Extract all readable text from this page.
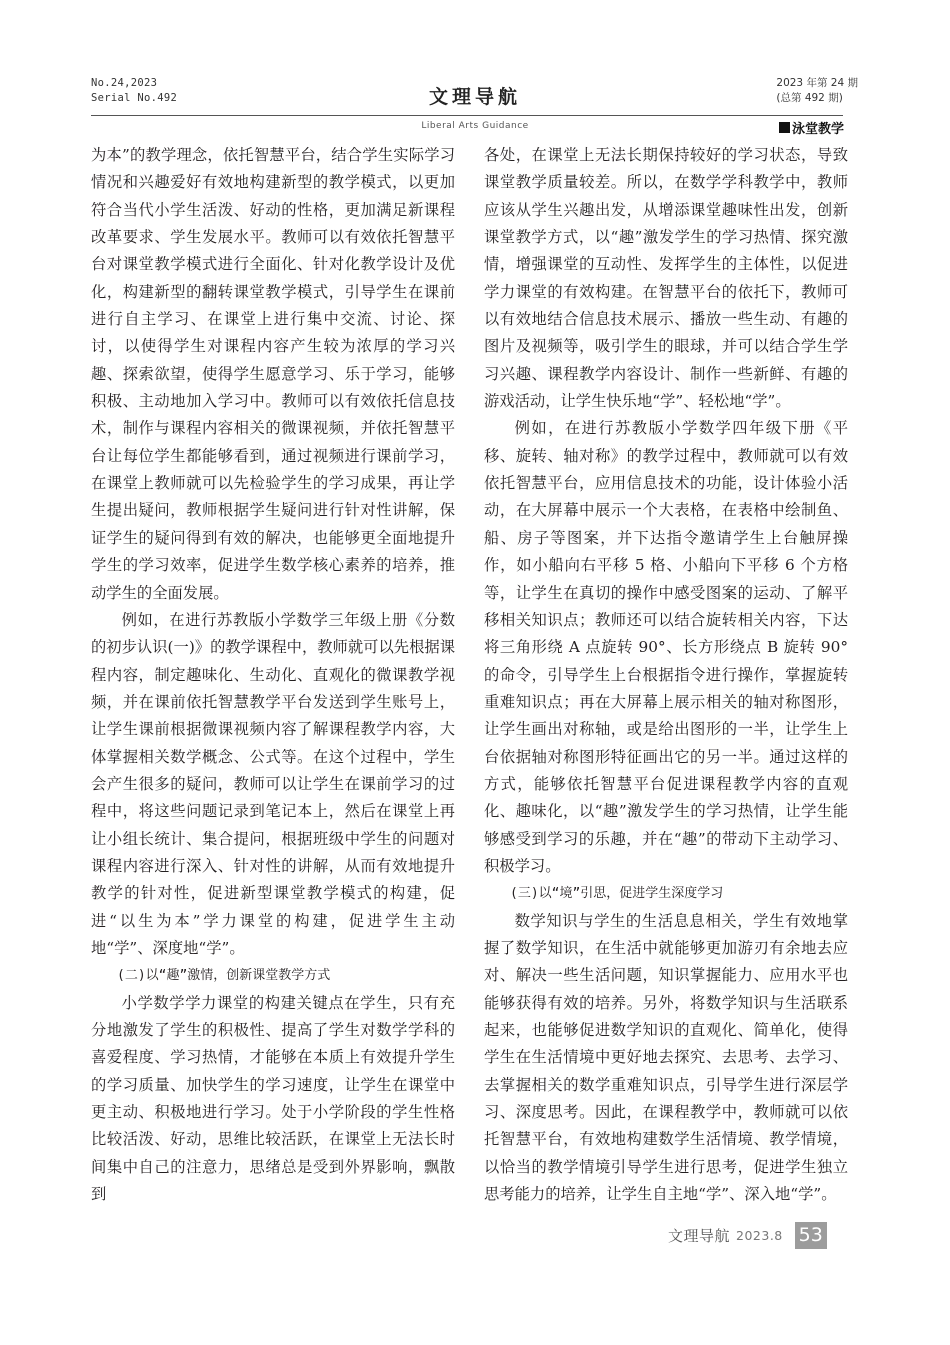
No.24,2023
Serial No.492	文理导航
2023 年第 24 期
(总第 492 期)
Liberal Arts Guidance	泳堂教学

为本”的教学理念，依托智慧平台，结合学生实际学习情况和兴趣爱好有效地构建新型的教学模式，以更加符合当代小学生活泼、好动的性格，更加满足新课程改革要求、学生发展水平。教师可以有效依托智慧平台对课堂教学模式进行全面化、针对化教学设计及优化，构建新型的翻转课堂教学模式，引导学生在课前进行自主学习、在课堂上进行集中交流、讨论、探讨，以使得学生对课程内容产生较为浓厚的学习兴趣、探索欲望，使得学生愿意学习、乐于学习，能够积极、主动地加入学习中。教师可以有效依托信息技术，制作与课程内容相关的微课视频，并依托智慧平台让每位学生都能够看到，通过视频进行课前学习，在课堂上教师就可以先检验学生的学习成果，再让学生提出疑问，教师根据学生疑问进行针对性讲解，保证学生的疑问得到有效的解决，也能够更全面地提升学生的学习效率，促进学生数学核心素养的培养，推动学生的全面发展。

例如，在进行苏教版小学数学三年级上册《分数的初步认识(一)》的教学课程中，教师就可以先根据课程内容，制定趣味化、生动化、直观化的微课教学视频，并在课前依托智慧教学平台发送到学生账号上，让学生课前根据微课视频内容了解课程教学内容，大体掌握相关数学概念、公式等。在这个过程中，学生会产生很多的疑问，教师可以让学生在课前学习的过程中，将这些问题记录到笔记本上，然后在课堂上再让小组长统计、集合提问，根据班级中学生的问题对课程内容进行深入、针对性的讲解，从而有效地提升教学的针对性，促进新型课堂教学模式的构建，促进“以生为本”学力课堂的构建，促进学生主动地“学”、深度地“学”。

(二)以“趣”激情，创新课堂教学方式

小学数学学力课堂的构建关键点在学生，只有充分地激发了学生的积极性、提高了学生对数学学科的喜爱程度、学习热情，才能够在本质上有效提升学生的学习质量、加快学生的学习速度，让学生在课堂中更主动、积极地进行学习。处于小学阶段的学生性格比较活泼、好动，思维比较活跃，在课堂上无法长时间集中自己的注意力，思绪总是受到外界影响，飘散到

各处，在课堂上无法长期保持较好的学习状态，导致课堂教学质量较差。所以，在数学学科教学中，教师应该从学生兴趣出发，从增添课堂趣味性出发，创新课堂教学方式，以“趣”激发学生的学习热情、探究激情，增强课堂的互动性、发挥学生的主体性，以促进学力课堂的有效构建。在智慧平台的依托下，教师可以有效地结合信息技术展示、播放一些生动、有趣的图片及视频等，吸引学生的眼球，并可以结合学生学习兴趣、课程教学内容设计、制作一些新鲜、有趣的游戏活动，让学生快乐地“学”、轻松地“学”。

例如，在进行苏教版小学数学四年级下册《平移、旋转、轴对称》的教学过程中，教师就可以有效依托智慧平台，应用信息技术的功能，设计体验小活动，在大屏幕中展示一个大表格，在表格中绘制鱼、船、房子等图案，并下达指令邀请学生上台触屏操作，如小船向右平移 5 格、小船向下平移 6 个方格等，让学生在真切的操作中感受图案的运动、了解平移相关知识点；教师还可以结合旋转相关内容，下达将三角形绕 A 点旋转 90°、长方形绕点 B 旋转 90°的命令，引导学生上台根据指令进行操作，掌握旋转重难知识点；再在大屏幕上展示相关的轴对称图形，让学生画出对称轴，或是给出图形的一半，让学生上台依据轴对称图形特征画出它的另一半。通过这样的方式，能够依托智慧平台促进课程教学内容的直观化、趣味化，以“趣”激发学生的学习热情，让学生能够感受到学习的乐趣，并在“趣”的带动下主动学习、积极学习。

(三)以“境”引思，促进学生深度学习

数学知识与学生的生活息息相关，学生有效地掌握了数学知识，在生活中就能够更加游刃有余地去应对、解决一些生活问题，知识掌握能力、应用水平也能够获得有效的培养。另外，将数学知识与生活联系起来，也能够促进数学知识的直观化、简单化，使得学生在生活情境中更好地去探究、去思考、去学习、去掌握相关的数学重难知识点，引导学生进行深层学习、深度思考。因此，在课程教学中，教师就可以依托智慧平台，有效地构建数学生活情境、教学情境，以恰当的教学情境引导学生进行思考，促进学生独立思考能力的培养，让学生自主地“学”、深入地“学”。

文理导航 2023.8 53
